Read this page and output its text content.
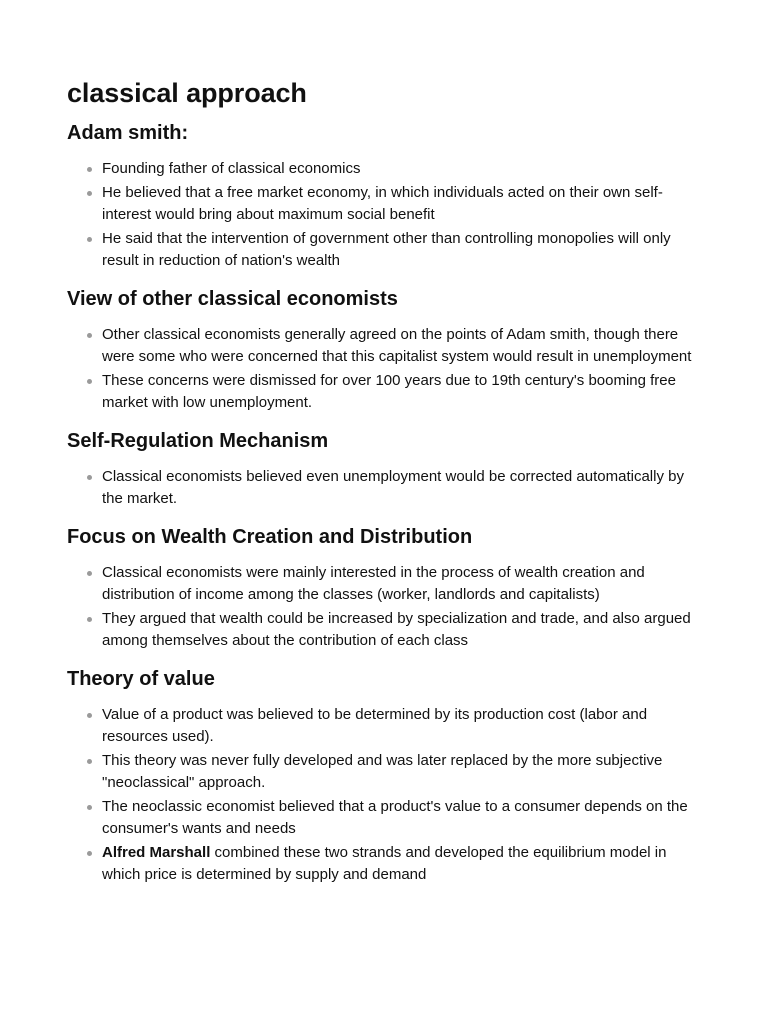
classical approach
Adam smith:
Founding father of classical economics
He believed that a free market economy, in which individuals acted on their own self-interest would bring about maximum social benefit
He said that the intervention of government other than controlling monopolies will only result in reduction of nation's wealth
View of other classical economists
Other classical economists generally agreed on the points of Adam smith, though there were some who were concerned that this capitalist system would result in unemployment
These concerns were dismissed for over 100 years due to 19th century's booming free market with low unemployment.
Self-Regulation Mechanism
Classical economists believed even unemployment would be corrected automatically by the market.
Focus on Wealth Creation and Distribution
Classical economists were mainly interested in the process of wealth creation and distribution of income among the classes (worker, landlords and capitalists)
They argued that wealth could be increased by specialization and trade, and also argued among themselves about the contribution of each class
Theory of value
Value of a product was believed to be determined by its production cost (labor and resources used).
This theory was never fully developed and was later replaced by the more subjective "neoclassical" approach.
The neoclassic economist believed that a product's value to a consumer depends on the consumer's wants and needs
Alfred Marshall combined these two strands and developed the equilibrium model in which price is determined by supply and demand
